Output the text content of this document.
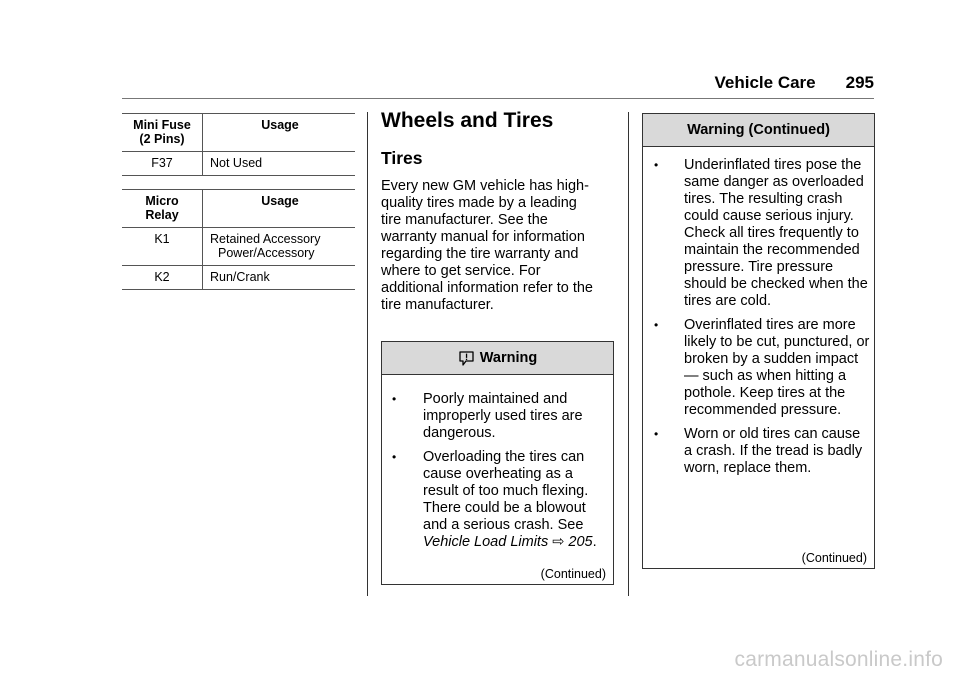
Vehicle Care 295
Mini Fuse (2 Pins)	Usage
F37	Not Used
Micro Relay	Usage
K1	Retained Accessory
Power/Accessory

K2	Run/Crank
Wheels and Tires
Tires

Every new GM vehicle has high-quality tires made by a leading tire manufacturer. See the warranty manual for information regarding the tire warranty and where to get service. For additional information refer to the tire manufacturer.

Warning
•	Poorly maintained and improperly used tires are dangerous.
•	Overloading the tires can cause overheating as a result of too much flexing. There could be a blowout and a serious crash. See Vehicle Load Limits ⇨ 205.
(Continued)
Warning (Continued)
•	Underinflated tires pose the same danger as overloaded tires. The resulting crash could cause serious injury. Check all tires frequently to maintain the recommended pressure. Tire pressure should be checked when the tires are cold.
•	Overinflated tires are more likely to be cut, punctured, or broken by a sudden impact — such as when hitting a pothole. Keep tires at the recommended pressure.
•	Worn or old tires can cause a crash. If the tread is badly worn, replace them.
(Continued)
carmanualsonline.info
